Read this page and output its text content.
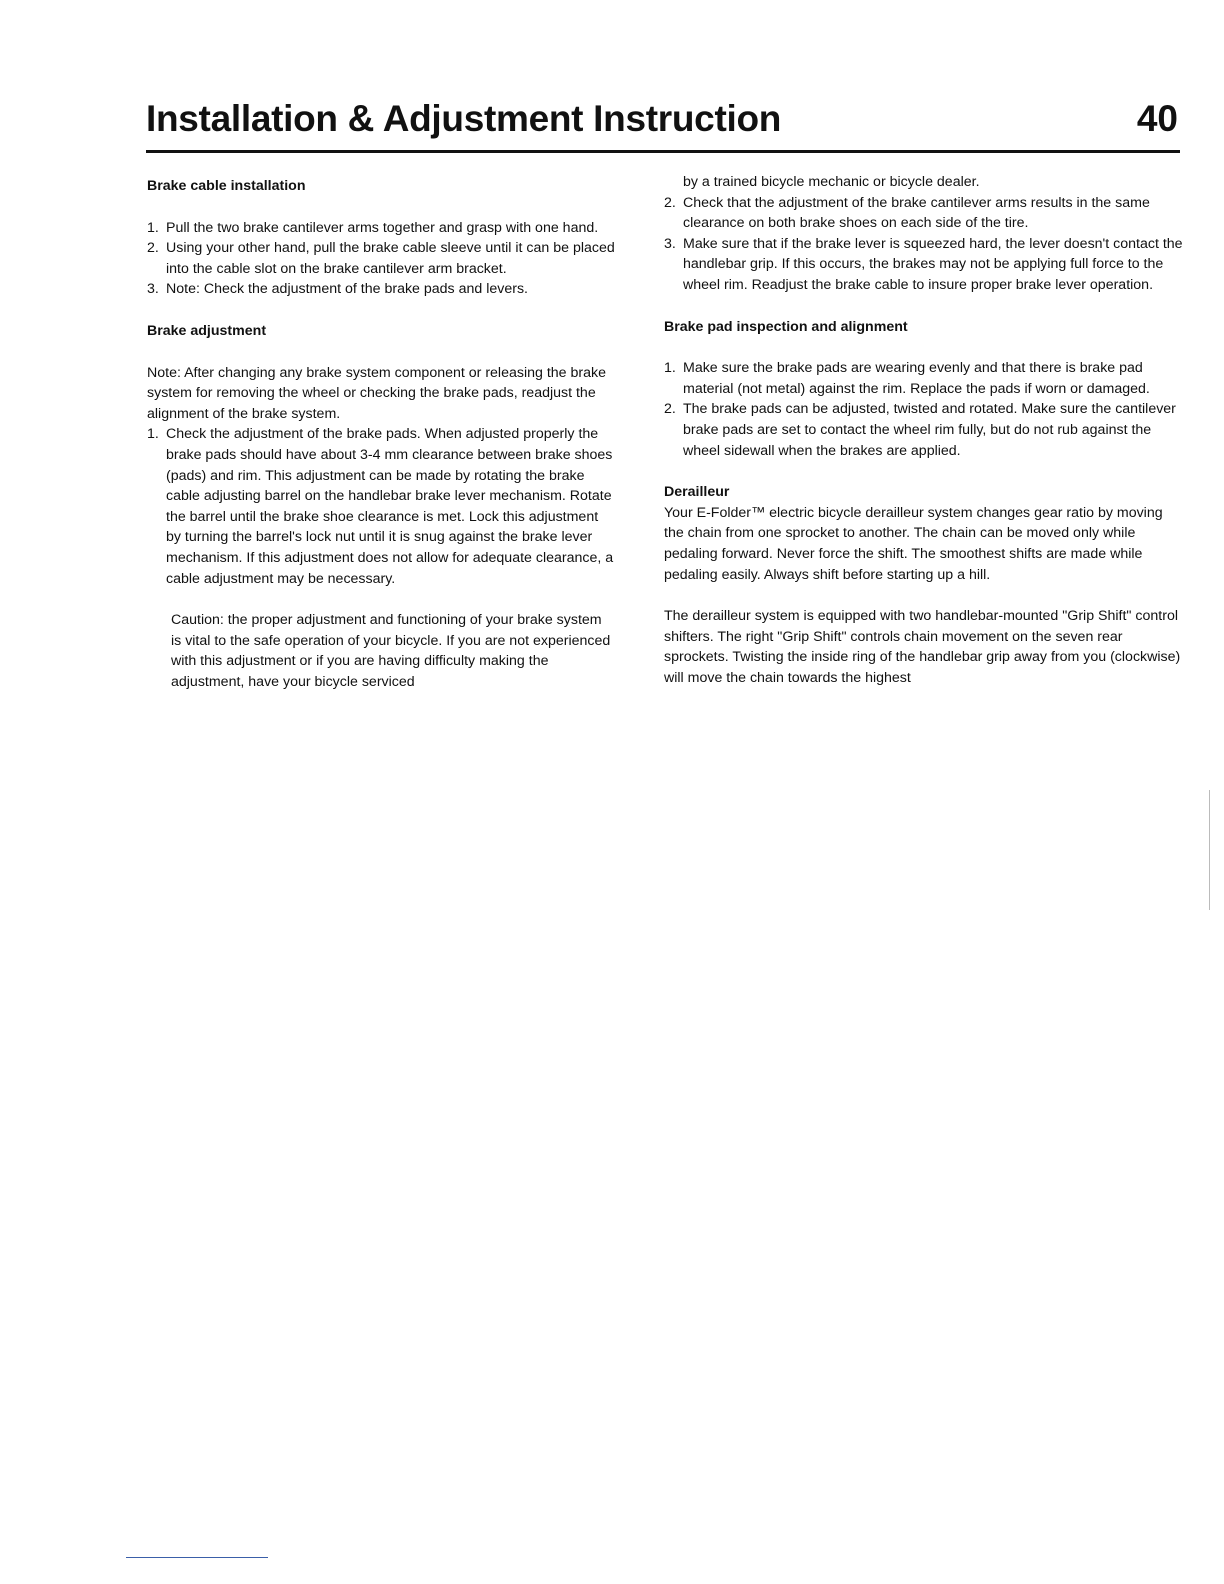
Installation & Adjustment Instruction	40

Brake cable installation

1. Pull the two brake cantilever arms together and grasp with one hand.
2. Using your other hand, pull the brake cable sleeve until it can be placed into the cable slot on the brake cantilever arm bracket.
3. Note: Check the adjustment of the brake pads and levers.

Brake adjustment

Note: After changing any brake system component or releasing the brake system for removing the wheel or checking the brake pads, readjust the alignment of the brake system.

1. Check the adjustment of the brake pads. When adjusted properly the brake pads should have about 3-4 mm clearance between brake shoes (pads) and rim. This adjustment can be made by rotating the brake cable adjusting barrel on the handlebar brake lever mechanism. Rotate the barrel until the brake shoe clearance is met. Lock this adjustment by turning the barrel's lock nut until it is snug against the brake lever mechanism. If this adjustment does not allow for adequate clearance, a cable adjustment may be necessary.

Caution: the proper adjustment and functioning of your brake system is vital to the safe operation of your bicycle. If you are not experienced with this adjustment or if you are having difficulty making the adjustment, have your bicycle serviced

by a trained bicycle mechanic or bicycle dealer.

2. Check that the adjustment of the brake cantilever arms results in the same clearance on both brake shoes on each side of the tire.
3. Make sure that if the brake lever is squeezed hard, the lever doesn't contact the handlebar grip. If this occurs, the brakes may not be applying full force to the wheel rim. Readjust the brake cable to insure proper brake lever operation.

Brake pad inspection and alignment

1. Make sure the brake pads are wearing evenly and that there is brake pad material (not metal) against the rim. Replace the pads if worn or damaged.
2. The brake pads can be adjusted, twisted and rotated. Make sure the cantilever brake pads are set to contact the wheel rim fully, but do not rub against the wheel sidewall when the brakes are applied.

Derailleur

Your E-Folder™ electric bicycle derailleur system changes gear ratio by moving the chain from one sprocket to another. The chain can be moved only while pedaling forward. Never force the shift. The smoothest shifts are made while pedaling easily. Always shift before starting up a hill.

The derailleur system is equipped with two handlebar-mounted "Grip Shift" control shifters. The right "Grip Shift" controls chain movement on the seven rear sprockets. Twisting the inside ring of the handlebar grip away from you (clockwise) will move the chain towards the highest
